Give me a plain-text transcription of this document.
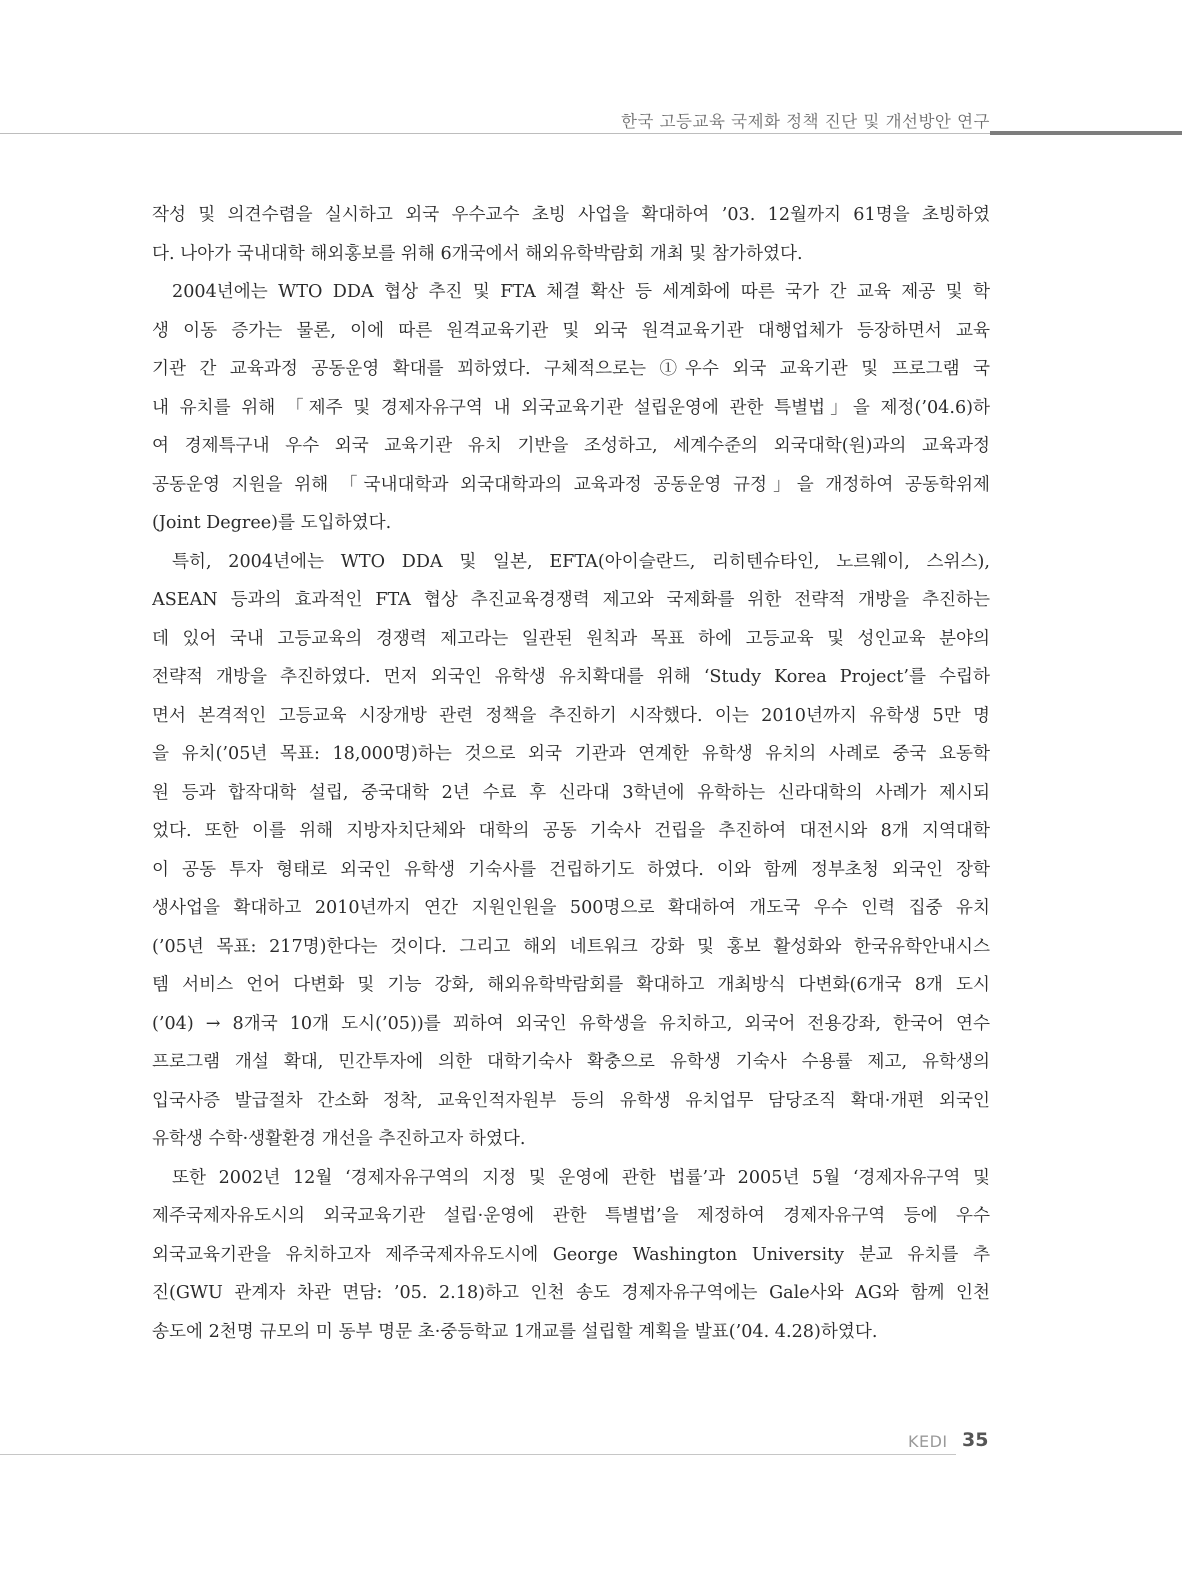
한국 고등교육 국제화 정책 진단 및 개선방안 연구
작성 및 의견수렴을 실시하고 외국 우수교수 초빙 사업을 확대하여 ’03. 12월까지 61명을 초빙하였
다. 나아가 국내대학 해외홍보를 위해 6개국에서 해외유학박람회 개최 및 참가하였다.
2004년에는 WTO DDA 협상 추진 및 FTA 체결 확산 등 세계화에 따른 국가 간 교육 제공 및 학
생 이동 증가는 물론, 이에 따른 원격교육기관 및 외국 원격교육기관 대행업체가 등장하면서 교육
기관 간 교육과정 공동운영 확대를 꾀하였다. 구체적으로는 ①우수 외국 교육기관 및 프로그램 국
내 유치를 위해 「제주 및 경제자유구역 내 외국교육기관 설립운영에 관한 특별법」을 제정(’04.6)하
여 경제특구내 우수 외국 교육기관 유치 기반을 조성하고, 세계수준의 외국대학(원)과의 교육과정
공동운영 지원을 위해 「국내대학과 외국대학과의 교육과정 공동운영 규정」을 개정하여 공동학위제
(Joint Degree)를 도입하였다.
특히, 2004년에는 WTO DDA 및 일본, EFTA(아이슬란드, 리히텐슈타인, 노르웨이, 스위스),
ASEAN 등과의 효과적인 FTA 협상 추진교육경쟁력 제고와 국제화를 위한 전략적 개방을 추진하는
데 있어 국내 고등교육의 경쟁력 제고라는 일관된 원칙과 목표 하에 고등교육 및 성인교육 분야의
전략적 개방을 추진하였다. 먼저 외국인 유학생 유치확대를 위해 ‘Study Korea Project’를 수립하
면서 본격적인 고등교육 시장개방 관련 정책을 추진하기 시작했다. 이는 2010년까지 유학생 5만 명
을 유치(’05년 목표: 18,000명)하는 것으로 외국 기관과 연계한 유학생 유치의 사례로 중국 요동학
원 등과 합작대학 설립, 중국대학 2년 수료 후 신라대 3학년에 유학하는 신라대학의 사례가 제시되
었다. 또한 이를 위해 지방자치단체와 대학의 공동 기숙사 건립을 추진하여 대전시와 8개 지역대학
이 공동 투자 형태로 외국인 유학생 기숙사를 건립하기도 하였다. 이와 함께 정부초청 외국인 장학
생사업을 확대하고 2010년까지 연간 지원인원을 500명으로 확대하여 개도국 우수 인력 집중 유치
(’05년 목표: 217명)한다는 것이다. 그리고 해외 네트워크 강화 및 홍보 활성화와 한국유학안내시스
템 서비스 언어 다변화 및 기능 강화, 해외유학박람회를 확대하고 개최방식 다변화(6개국 8개 도시
(’04) → 8개국 10개 도시(’05))를 꾀하여 외국인 유학생을 유치하고, 외국어 전용강좌, 한국어 연수
프로그램 개설 확대, 민간투자에 의한 대학기숙사 확충으로 유학생 기숙사 수용률 제고, 유학생의
입국사증 발급절차 간소화 정착, 교육인적자원부 등의 유학생 유치업무 담당조직 확대·개편 외국인
유학생 수학·생활환경 개선을 추진하고자 하였다.
또한 2002년 12월 ‘경제자유구역의 지정 및 운영에 관한 법률’과 2005년 5월 ‘경제자유구역 및
제주국제자유도시의 외국교육기관 설립·운영에 관한 특별법’을 제정하여 경제자유구역 등에 우수
외국교육기관을 유치하고자 제주국제자유도시에 George Washington University 분교 유치를 추
진(GWU 관계자 차관 면담: ’05. 2.18)하고 인천 송도 경제자유구역에는 Gale사와 AG와 함께 인천
송도에 2천명 규모의 미 동부 명문 초·중등학교 1개교를 설립할 계획을 발표(’04. 4.28)하였다.
KEDI 35
